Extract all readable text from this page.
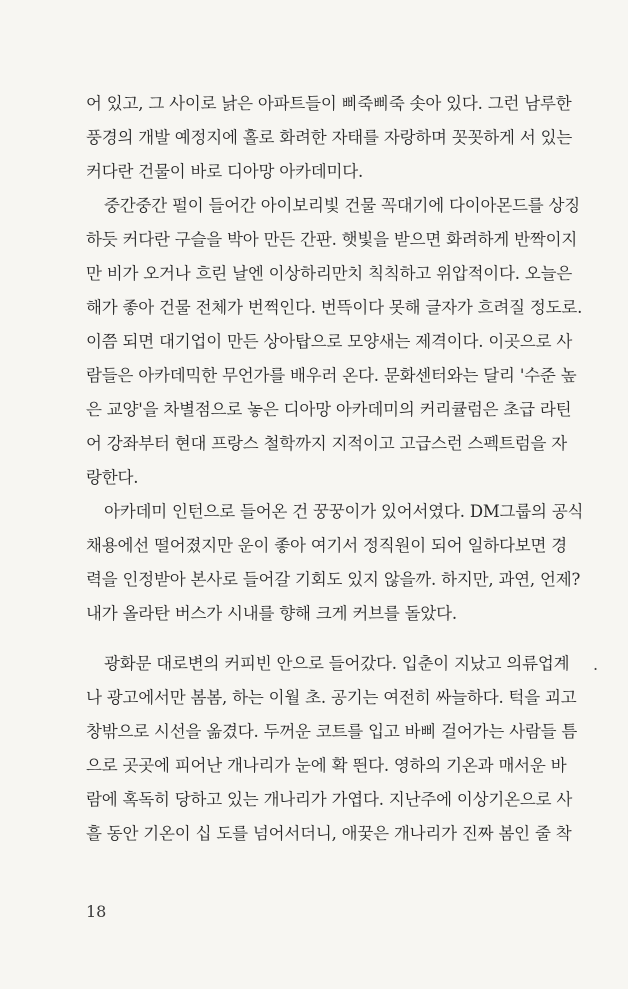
어 있고, 그 사이로 낡은 아파트들이 삐죽삐죽 솟아 있다. 그런 남루한
풍경의 개발 예정지에 홀로 화려한 자태를 자랑하며 꼿꼿하게 서 있는
커다란 건물이 바로 디아망 아카데미다.
중간중간 펄이 들어간 아이보리빛 건물 꼭대기에 다이아몬드를 상징
하듯 커다란 구슬을 박아 만든 간판. 햇빛을 받으면 화려하게 반짝이지
만 비가 오거나 흐린 날엔 이상하리만치 칙칙하고 위압적이다. 오늘은
해가 좋아 건물 전체가 번쩍인다. 번뜩이다 못해 글자가 흐려질 정도로.
이쯤 되면 대기업이 만든 상아탑으로 모양새는 제격이다. 이곳으로 사
람들은 아카데믹한 무언가를 배우러 온다. 문화센터와는 달리 '수준 높
은 교양'을 차별점으로 놓은 디아망 아카데미의 커리큘럼은 초급 라틴
어 강좌부터 현대 프랑스 철학까지 지적이고 고급스런 스펙트럼을 자
랑한다.
아카데미 인턴으로 들어온 건 꿍꿍이가 있어서였다. DM그룹의 공식
채용에선 떨어졌지만 운이 좋아 여기서 정직원이 되어 일하다보면 경
력을 인정받아 본사로 들어갈 기회도 있지 않을까. 하지만, 과연, 언제?
내가 올라탄 버스가 시내를 향해 크게 커브를 돌았다.
광화문 대로변의 커피빈 안으로 들어갔다. 입춘이 지났고 의류업계
나 광고에서만 봄봄, 하는 이월 초. 공기는 여전히 싸늘하다. 턱을 괴고
창밖으로 시선을 옮겼다. 두꺼운 코트를 입고 바삐 걸어가는 사람들 틈
으로 곳곳에 피어난 개나리가 눈에 확 띈다. 영하의 기온과 매서운 바
람에 혹독히 당하고 있는 개나리가 가엽다. 지난주에 이상기온으로 사
흘 동안 기온이 십 도를 넘어서더니, 애꿎은 개나리가 진짜 봄인 줄 착
.
18
